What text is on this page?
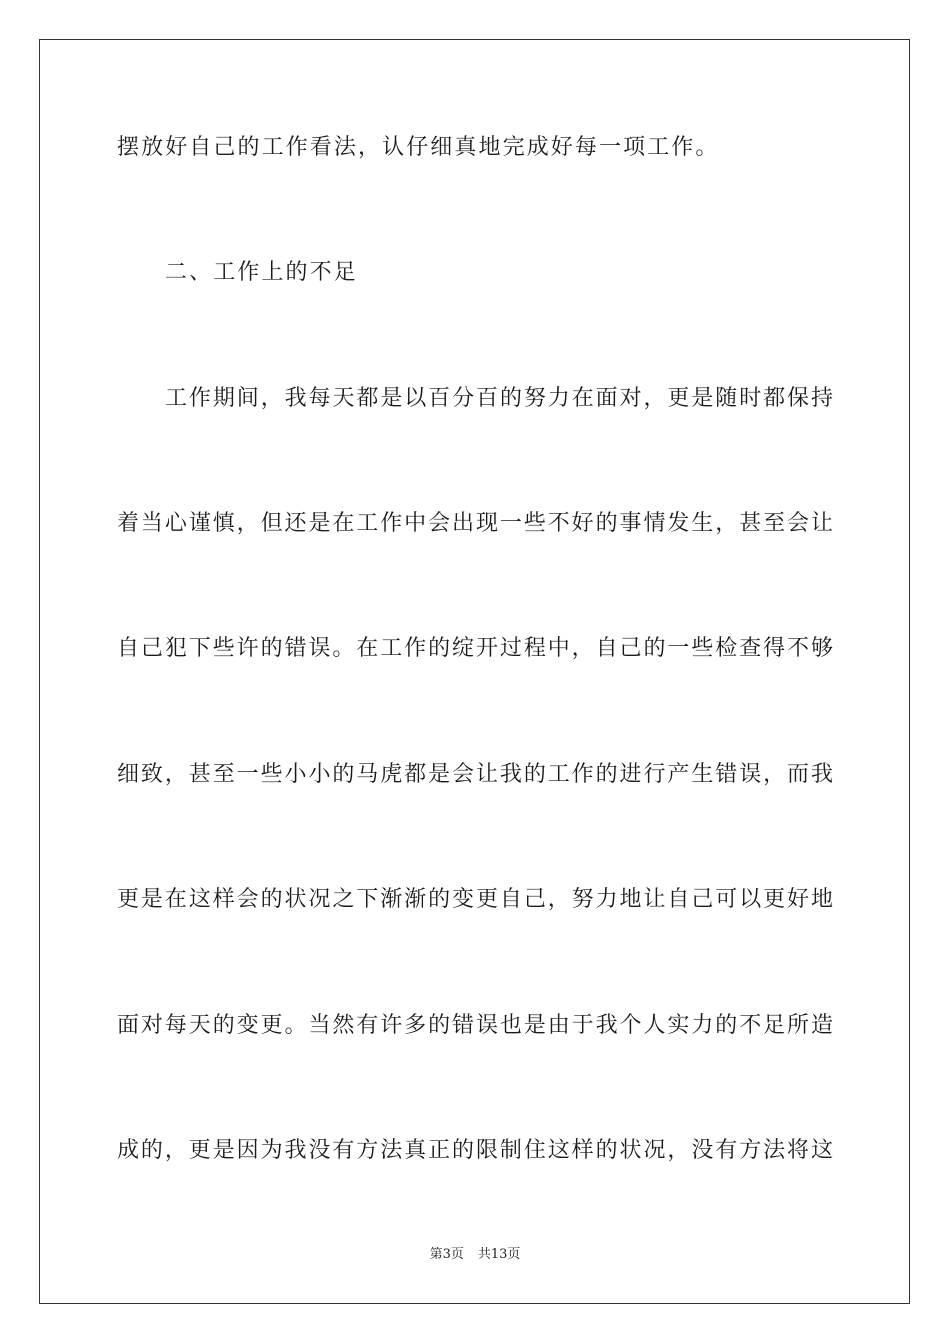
摆放好自己的工作看法，认仔细真地完成好每一项工作。
二、工作上的不足
工作期间，我每天都是以百分百的努力在面对，更是随时都保持
着当心谨慎，但还是在工作中会出现一些不好的事情发生，甚至会让
自己犯下些许的错误。在工作的绽开过程中，自己的一些检查得不够
细致，甚至一些小小的马虎都是会让我的工作的进行产生错误，而我
更是在这样会的状况之下渐渐的变更自己，努力地让自己可以更好地
面对每天的变更。当然有许多的错误也是由于我个人实力的不足所造
成的，更是因为我没有方法真正的限制住这样的状况，没有方法将这
第3页 共13页
